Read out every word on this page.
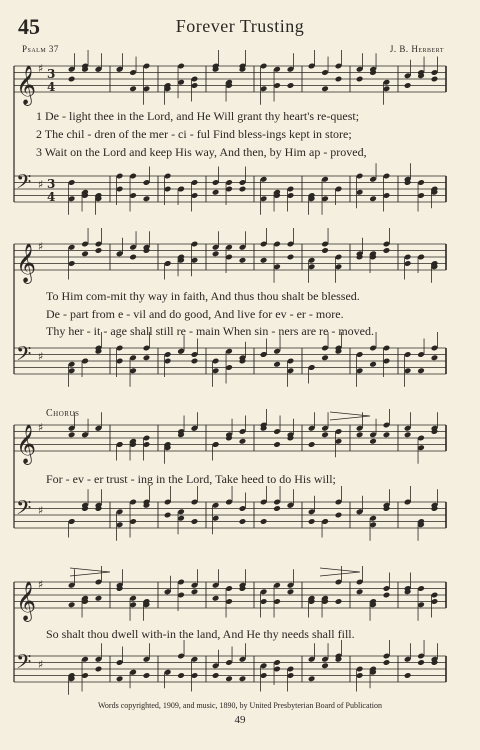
45	Forever Trusting
Psalm 37	J. B. Herbert
𝄞 ♯ 3
4
𝄢 ♯ 3
4
𝄞 ♯
𝄢 ♯
𝄞 ♯
𝄢 ♯
𝄞 ♯
𝄢 ♯
1 De - light thee in the Lord, and He Will grant thy heart's re-quest;
2 The chil - dren of the mer - ci - ful Find bless-ings kept in store;
3 Wait on the Lord and keep His way, And then, by Him ap - proved,
To Him com-mit thy way in faith, And thus thou shalt be blessed.
De - part from e - vil and do good, And live for ev - er - more.
Thy her - it - age shall still re - main When sin - ners are re - moved.
Chorus
For - ev - er trust - ing in the Lord, Take heed to do His will;
So shalt thou dwell with-in the land, And He thy needs shall fill.
Words copyrighted, 1909, and music, 1890, by United Presbyterian Board of Publication
49
